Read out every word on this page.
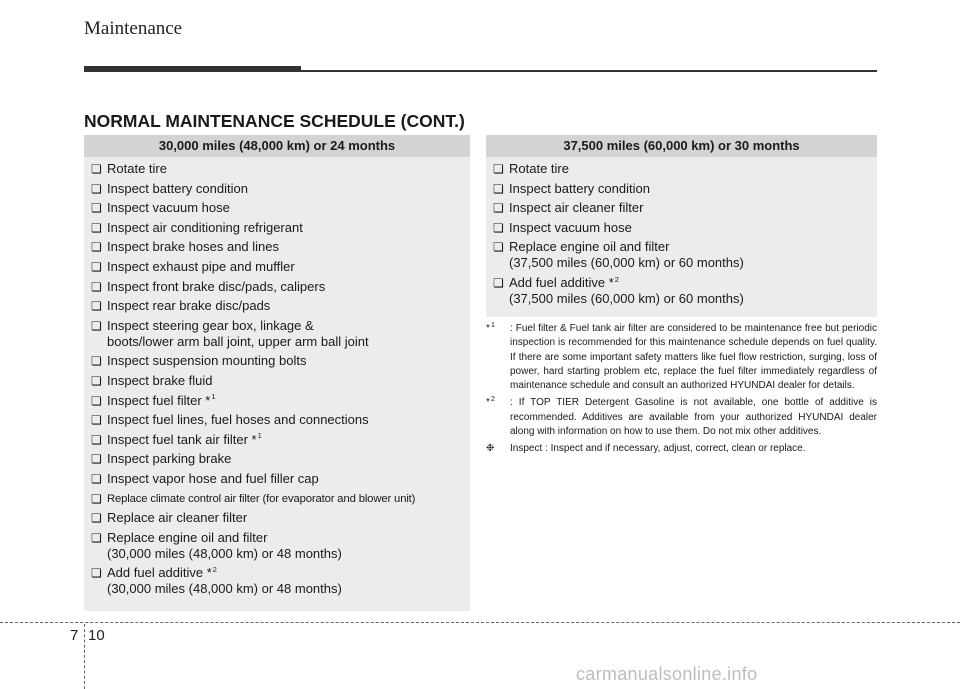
Maintenance
NORMAL MAINTENANCE SCHEDULE (CONT.)
30,000 miles (48,000 km) or 24 months
❏ Rotate tire
❏ Inspect battery condition
❏ Inspect vacuum hose
❏ Inspect air conditioning refrigerant
❏ Inspect brake hoses and lines
❏ Inspect exhaust pipe and muffler
❏ Inspect front brake disc/pads, calipers
❏ Inspect rear brake disc/pads
❏ Inspect steering gear box, linkage &
boots/lower arm ball joint, upper arm ball joint
❏ Inspect suspension mounting bolts
❏ Inspect brake fluid
❏ Inspect fuel filter *$^1$
❏ Inspect fuel lines, fuel hoses and connections
❏ Inspect fuel tank air filter *$^1$
❏ Inspect parking brake
❏ Inspect vapor hose and fuel filler cap
❏ Replace climate control air filter (for evaporator and blower unit)
❏ Replace air cleaner filter
❏ Replace engine oil and filter
(30,000 miles (48,000 km) or 48 months)
❏ Add fuel additive *$^2$
(30,000 miles (48,000 km) or 48 months)
37,500 miles (60,000 km) or 30 months
❏ Rotate tire
❏ Inspect battery condition
❏ Inspect air cleaner filter
❏ Inspect vacuum hose
❏ Replace engine oil and filter
(37,500 miles (60,000 km) or 60 months)
❏ Add fuel additive *$^2$
(37,500 miles (60,000 km) or 60 months)
*$^1$	: Fuel filter & Fuel tank air filter are considered to be maintenance free but periodic inspection is recommended for this maintenance schedule depends on fuel quality. If there are some important safety matters like fuel flow restriction, surging, loss of power, hard starting problem etc, replace the fuel filter immediately regardless of maintenance schedule and consult an authorized HYUNDAI dealer for details.
*$^2$	: If TOP TIER Detergent Gasoline is not available, one bottle of additive is recommended. Additives are available from your authorized HYUNDAI dealer along with information on how to use them. Do not mix other additives.
❉	Inspect : Inspect and if necessary, adjust, correct, clean or replace.
7 10
carmanualsonline.info
